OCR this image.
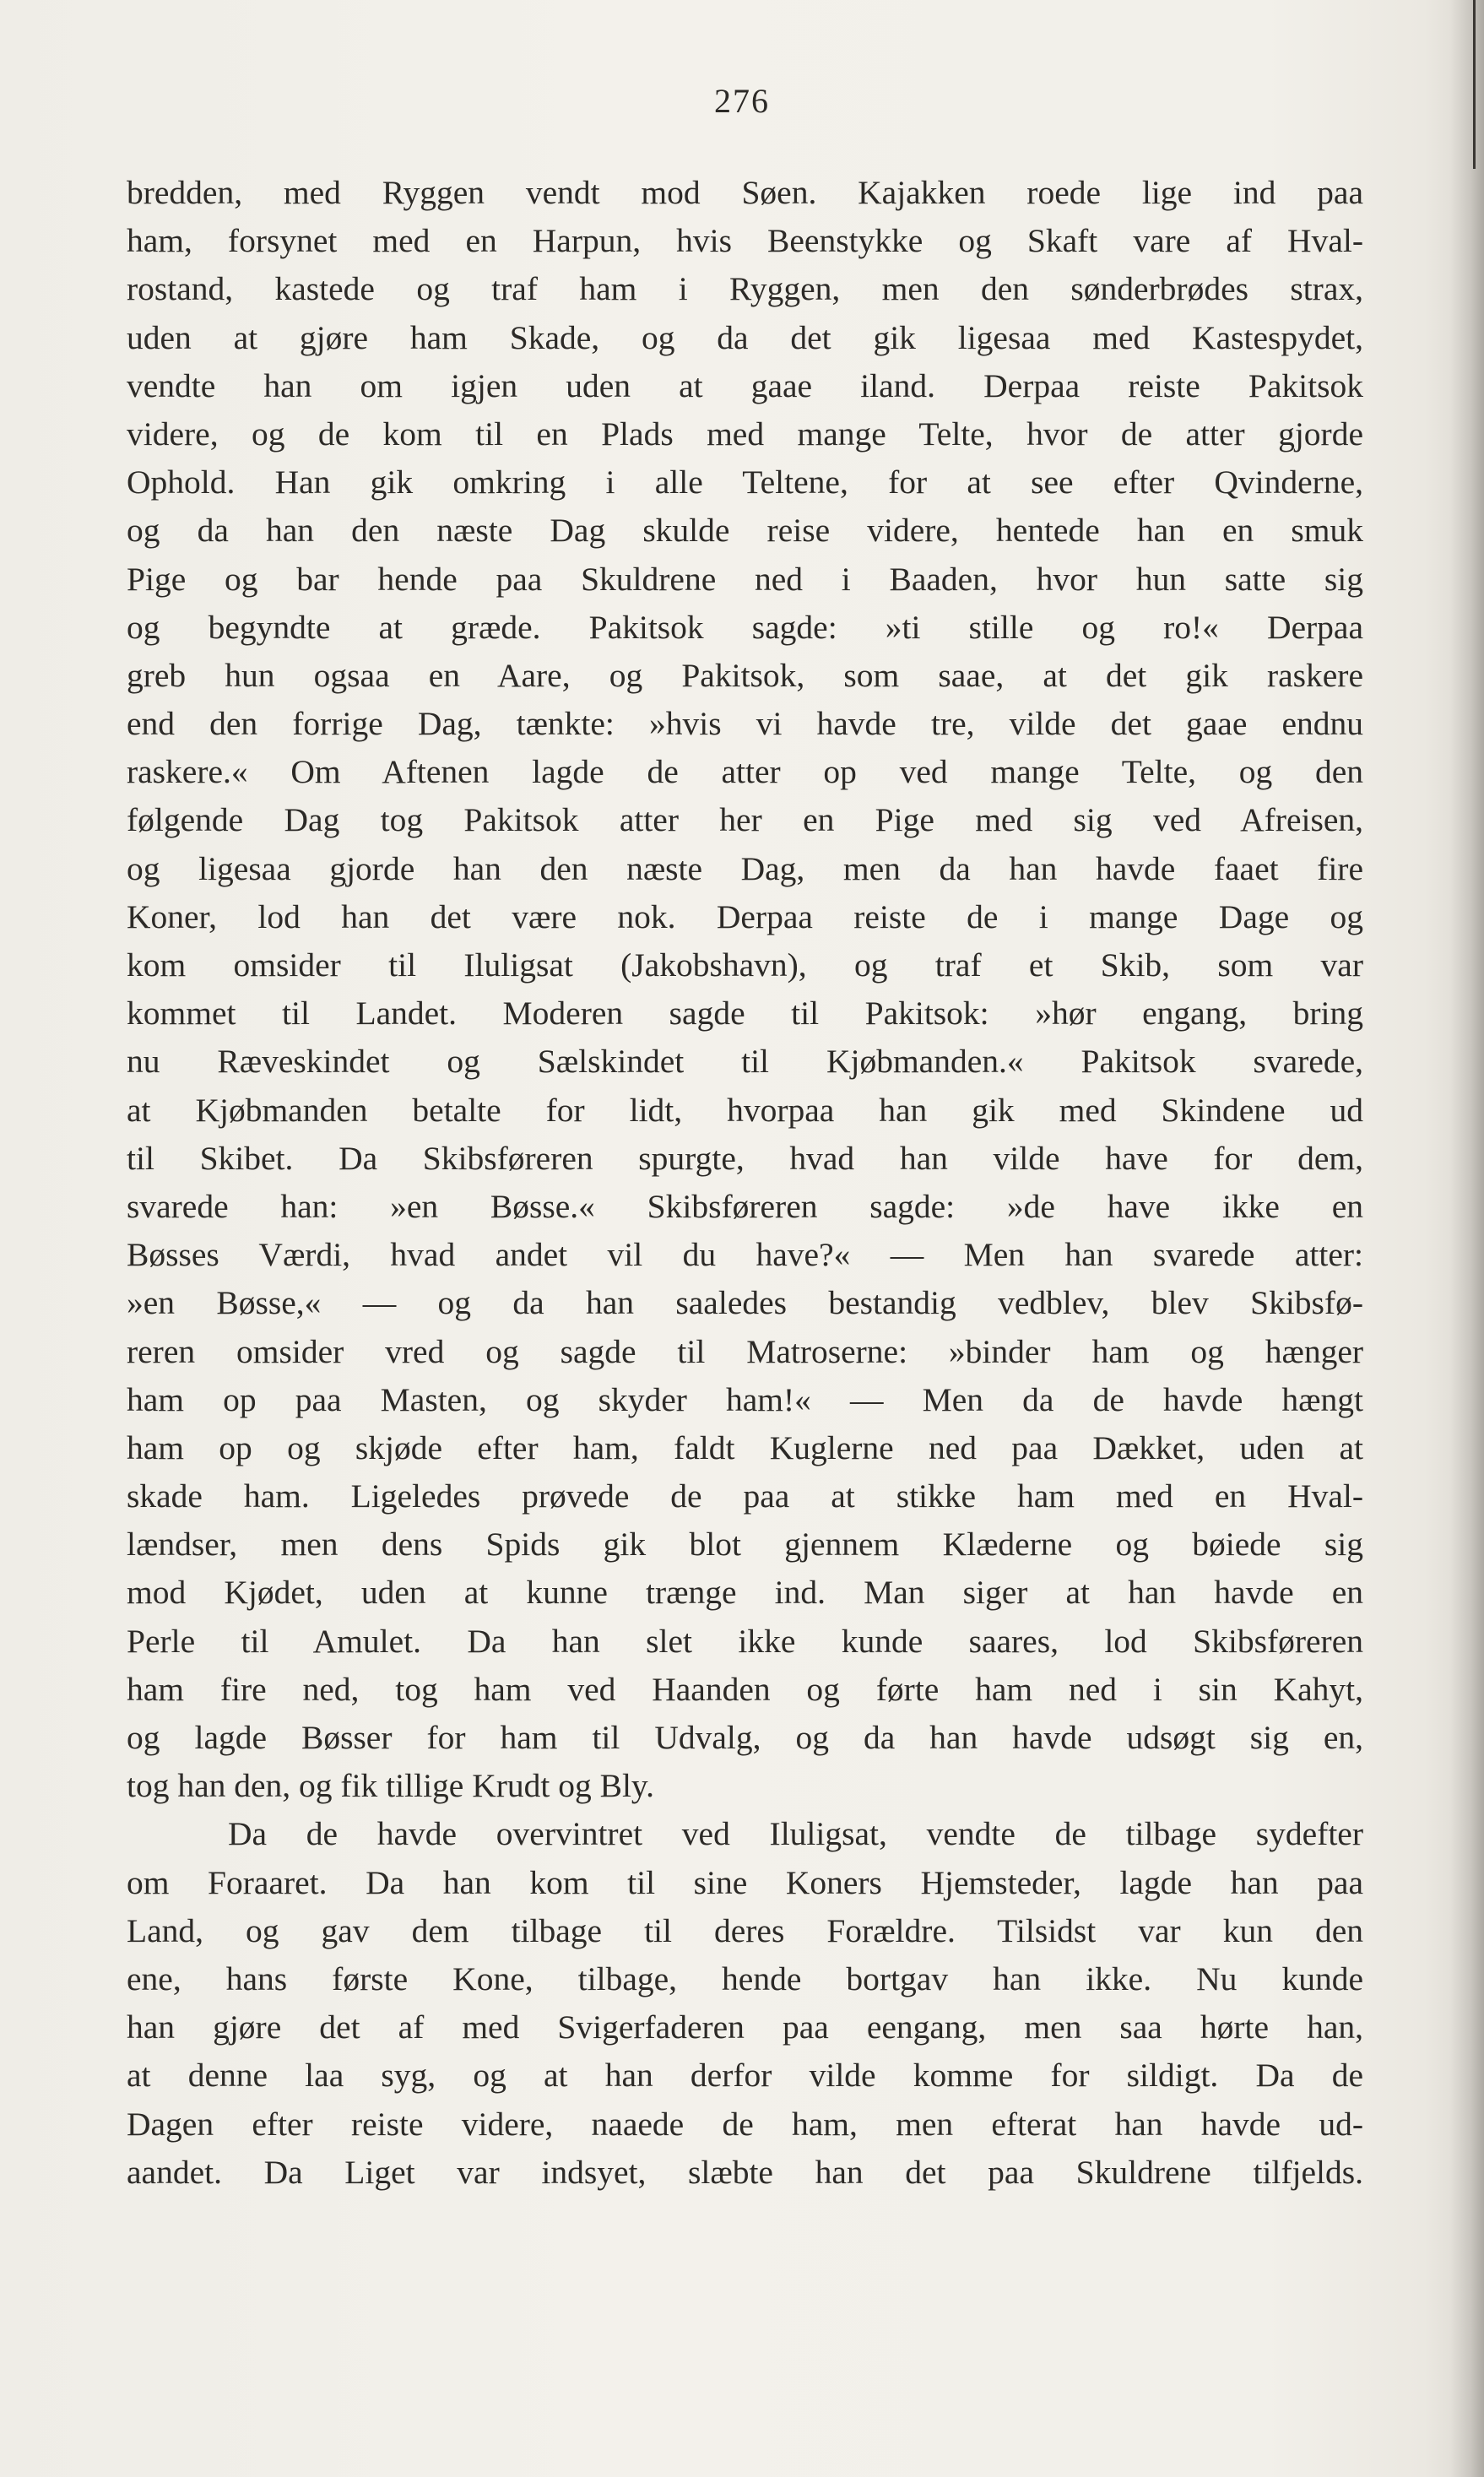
276
bredden, med Ryggen vendt mod Søen. Kajakken roede lige ind paa
ham, forsynet med en Harpun, hvis Beenstykke og Skaft vare af Hval-
rostand, kastede og traf ham i Ryggen, men den sønderbrødes strax,
uden at gjøre ham Skade, og da det gik ligesaa med Kastespydet,
vendte han om igjen uden at gaae iland. Derpaa reiste Pakitsok
videre, og de kom til en Plads med mange Telte, hvor de atter gjorde
Ophold. Han gik omkring i alle Teltene, for at see efter Qvinderne,
og da han den næste Dag skulde reise videre, hentede han en smuk
Pige og bar hende paa Skuldrene ned i Baaden, hvor hun satte sig
og begyndte at græde. Pakitsok sagde: »ti stille og ro!« Derpaa
greb hun ogsaa en Aare, og Pakitsok, som saae, at det gik raskere
end den forrige Dag, tænkte: »hvis vi havde tre, vilde det gaae endnu
raskere.« Om Aftenen lagde de atter op ved mange Telte, og den
følgende Dag tog Pakitsok atter her en Pige med sig ved Afreisen,
og ligesaa gjorde han den næste Dag, men da han havde faaet fire
Koner, lod han det være nok. Derpaa reiste de i mange Dage og
kom omsider til Iluligsat (Jakobshavn), og traf et Skib, som var
kommet til Landet. Moderen sagde til Pakitsok: »hør engang, bring
nu Ræveskindet og Sælskindet til Kjøbmanden.« Pakitsok svarede,
at Kjøbmanden betalte for lidt, hvorpaa han gik med Skindene ud
til Skibet. Da Skibsføreren spurgte, hvad han vilde have for dem,
svarede han: »en Bøsse.« Skibsføreren sagde: »de have ikke en
Bøsses Værdi, hvad andet vil du have?« — Men han svarede atter:
»en Bøsse,« — og da han saaledes bestandig vedblev, blev Skibsfø-
reren omsider vred og sagde til Matroserne: »binder ham og hænger
ham op paa Masten, og skyder ham!« — Men da de havde hængt
ham op og skjøde efter ham, faldt Kuglerne ned paa Dækket, uden at
skade ham. Ligeledes prøvede de paa at stikke ham med en Hval-
lændser, men dens Spids gik blot gjennem Klæderne og bøiede sig
mod Kjødet, uden at kunne trænge ind. Man siger at han havde en
Perle til Amulet. Da han slet ikke kunde saares, lod Skibsføreren
ham fire ned, tog ham ved Haanden og førte ham ned i sin Kahyt,
og lagde Bøsser for ham til Udvalg, og da han havde udsøgt sig en,
tog han den, og fik tillige Krudt og Bly.
Da de havde overvintret ved Iluligsat, vendte de tilbage sydefter
om Foraaret. Da han kom til sine Koners Hjemsteder, lagde han paa
Land, og gav dem tilbage til deres Forældre. Tilsidst var kun den
ene, hans første Kone, tilbage, hende bortgav han ikke. Nu kunde
han gjøre det af med Svigerfaderen paa eengang, men saa hørte han,
at denne laa syg, og at han derfor vilde komme for sildigt. Da de
Dagen efter reiste videre, naaede de ham, men efterat han havde ud-
aandet. Da Liget var indsyet, slæbte han det paa Skuldrene tilfjelds.
